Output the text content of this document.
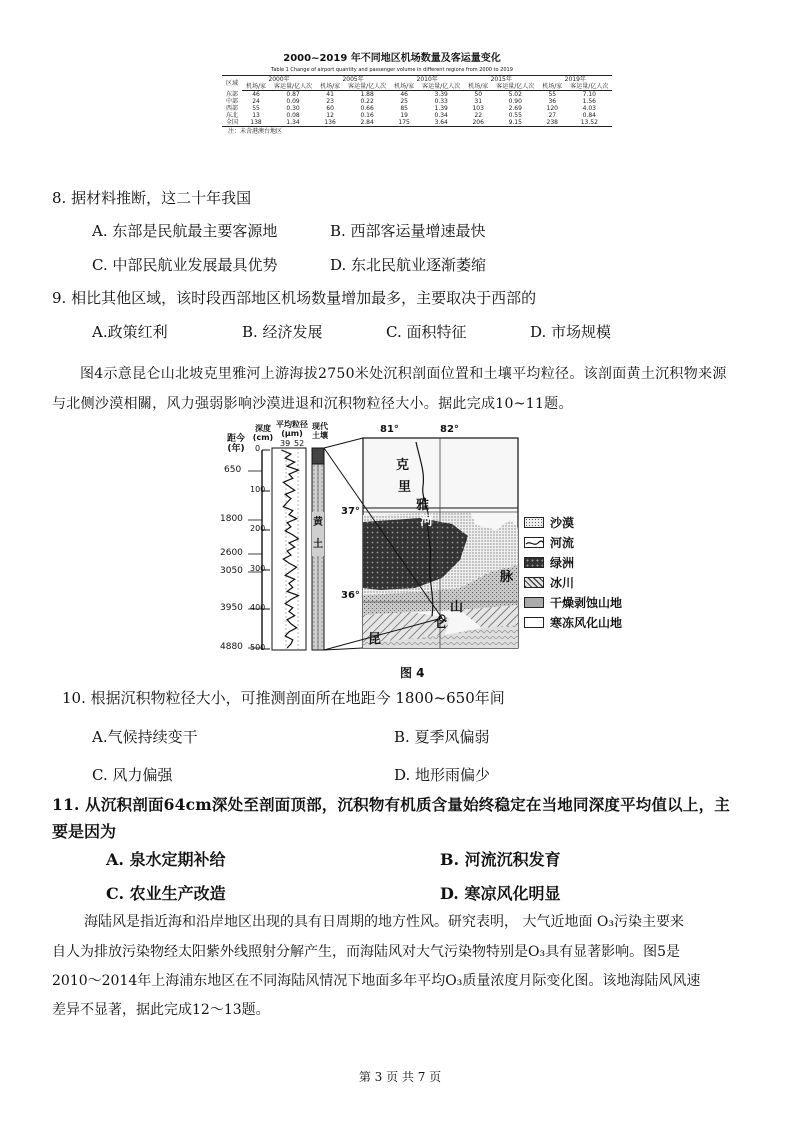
2000~2019 年不同地区机场数量及客运量变化
Table 1 Change of airport quantity and passenger volume in different regions from 2000 to 2019
区域	2000年		2005年		2010年		2015年		2019年	
	机场/家	客运量/亿人次	机场/家	客运量/亿人次	机场/家	客运量/亿人次	机场/家	客运量/亿人次	机场/家	客运量/亿人次
东部	46	0.87	41	1.88	46	3.39	50	5.02	55	7.10
中部	24	0.09	23	0.22	25	0.33	31	0.90	36	1.56
西部	55	0.30	60	0.66	85	1.39	103	2.69	120	4.03
东北	13	0.08	12	0.16	19	0.34	22	0.55	27	0.84
全国	138	1.34	136	2.84	175	3.64	206	9.15	238	13.52
注：未含港澳台地区
8. 据材料推断，这二十年我国
A. 东部是民航最主要客源地	B. 西部客运量增速最快
C. 中部民航业发展最具优势	D. 东北民航业逐渐萎缩
9. 相比其他区域，该时段西部地区机场数量增加最多，主要取决于西部的
A.政策红利	B. 经济发展	C. 面积特征	D. 市场规模
图4示意昆仑山北坡克里雅河上游海拔2750米处沉积剖面位置和土壤平均粒径。该剖面黄土沉积物来源
与北侧沙漠相關，风力强弱影响沙漠进退和沉积物粒径大小。据此完成10~11题。
距今 (年)
深度 (cm)
平均粒径 (μm)
现代 土壤
39 52
650
1800
2600
3050
3950
4880
0
100
200
300
400
500
黄 土
81°	82°
37°
36°
克
里
雅
河
脉
山
仑
昆
沙漠
河流
绿洲
冰川
干燥剥蚀山地
寒冻风化山地
图 4
10. 根据沉积物粒径大小，可推测剖面所在地距今 1800~650年间
A.气候持续变干	B. 夏季风偏弱
C. 风力偏强	D. 地形雨偏少
11. 从沉积剖面64cm深处至剖面顶部，沉积物有机质含量始终稳定在当地同深度平均值以上，主
要是因为
A. 泉水定期补给	B. 河流沉积发育
C. 农业生产改造	D. 寒凉风化明显
海陆风是指近海和沿岸地区出现的具有日周期的地方性风。研究表明， 大气近地面 O₃污染主要来
自人为排放污染物经太阳紫外线照射分解产生，而海陆风对大气污染物特别是O₃具有显著影响。图5是
2010～2014年上海浦东地区在不同海陆风情况下地面多年平均O₃质量浓度月际变化图。该地海陆风风速
差异不显著，据此完成12～13题。
第 3 页 共 7 页
